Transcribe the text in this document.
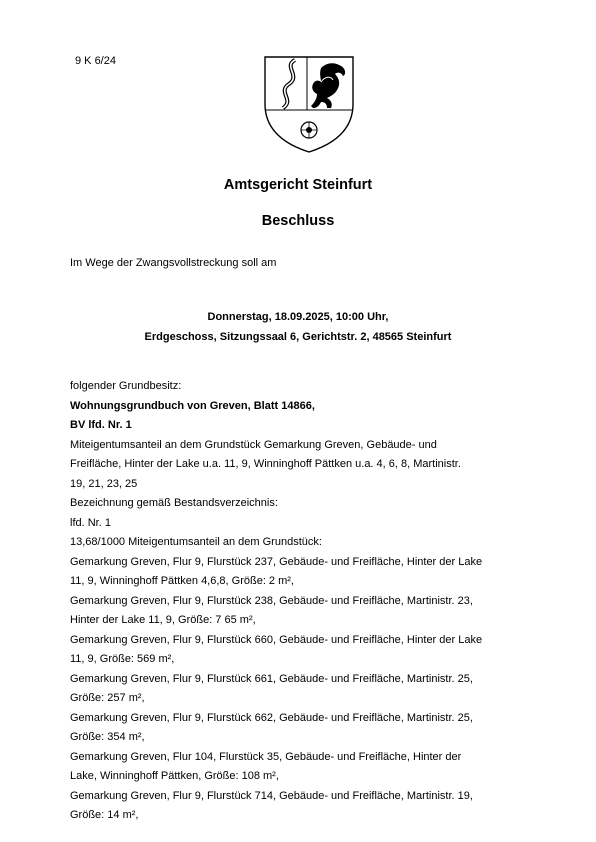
9 K 6/24
Amtsgericht Steinfurt
Beschluss
Im Wege der Zwangsvollstreckung soll am
Donnerstag, 18.09.2025, 10:00 Uhr,
Erdgeschoss, Sitzungssaal 6, Gerichtstr. 2, 48565 Steinfurt
folgender Grundbesitz:
Wohnungsgrundbuch von Greven, Blatt 14866,
BV lfd. Nr. 1
Miteigentumsanteil an dem Grundstück Gemarkung Greven, Gebäude- und
Freifläche, Hinter der Lake u.a. 11, 9, Winninghoff Pättken u.a. 4, 6, 8, Martinistr.
19, 21, 23, 25
Bezeichnung gemäß Bestandsverzeichnis:
lfd. Nr. 1
13,68/1000 Miteigentumsanteil an dem Grundstück:
Gemarkung Greven, Flur 9, Flurstück 237, Gebäude- und Freifläche, Hinter der Lake
11, 9, Winninghoff Pättken 4,6,8, Größe: 2 m²,
Gemarkung Greven, Flur 9, Flurstück 238, Gebäude- und Freifläche, Martinistr. 23,
Hinter der Lake 11, 9, Größe: 7 65 m²,
Gemarkung Greven, Flur 9, Flurstück 660, Gebäude- und Freifläche, Hinter der Lake
11, 9, Größe: 569 m²,
Gemarkung Greven, Flur 9, Flurstück 661, Gebäude- und Freifläche, Martinistr. 25,
Größe: 257 m²,
Gemarkung Greven, Flur 9, Flurstück 662, Gebäude- und Freifläche, Martinistr. 25,
Größe: 354 m²,
Gemarkung Greven, Flur 104, Flurstück 35, Gebäude- und Freifläche, Hinter der
Lake, Winninghoff Pättken, Größe: 108 m²,
Gemarkung Greven, Flur 9, Flurstück 714, Gebäude- und Freifläche, Martinistr. 19,
Größe: 14 m²,
